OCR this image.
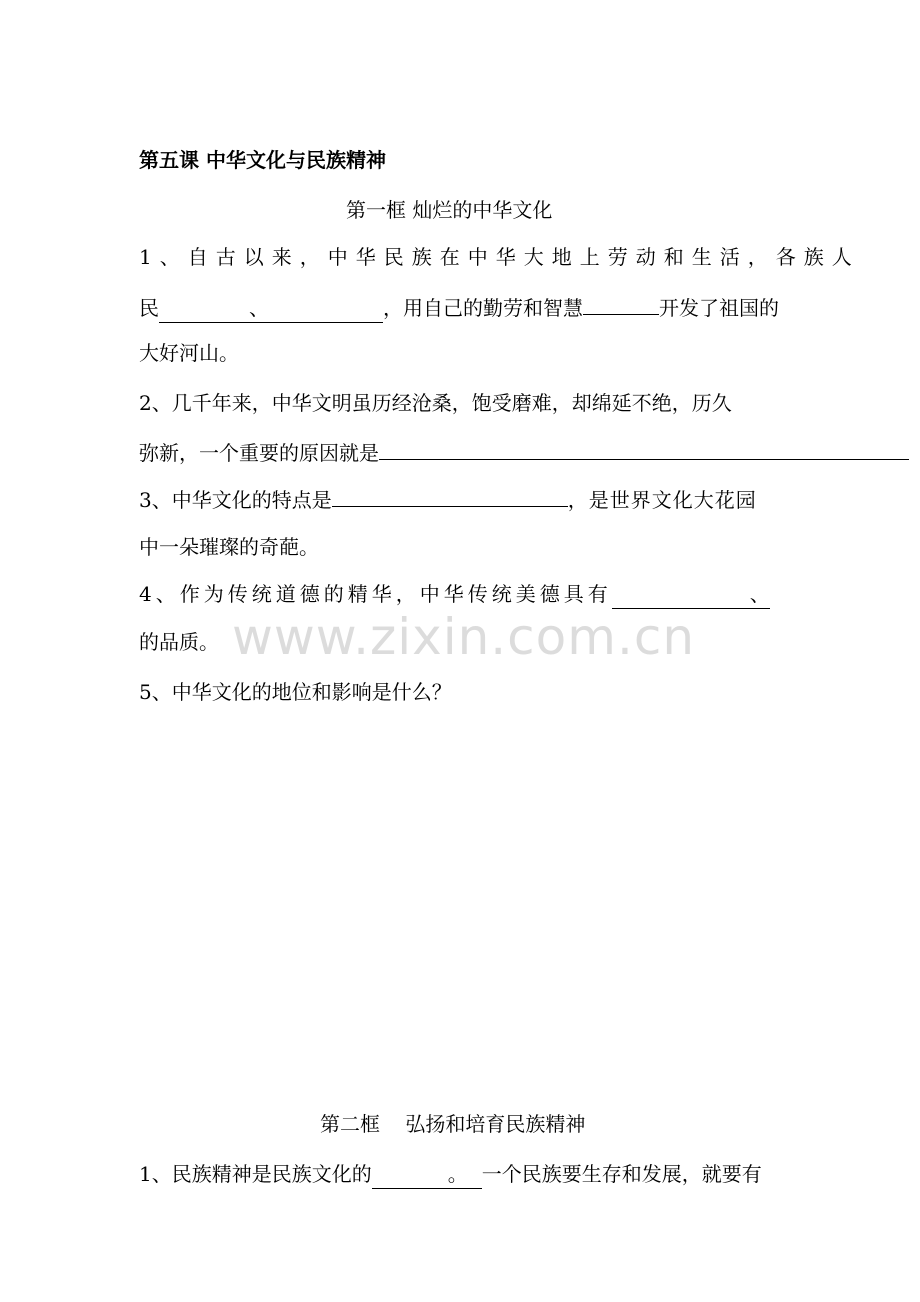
www.zixin.com.cn
第五课 中华文化与民族精神
第一框 灿烂的中华文化
1、自古以来，中华民族在中华大地上劳动和生活，各族人
民	、	，用自己的勤劳和智慧	开发了祖国的
大好河山。
2、几千年来，中华文明虽历经沧桑，饱受磨难，却绵延不绝，历久
弥新，一个重要的原因就是
3、中华文化的特点是	，是世界文化大花园
中一朵璀璨的奇葩。
4、作为传统道德的精华，中华传统美德具有	、
的品质。
5、中华文化的地位和影响是什么？
第二框    弘扬和培育民族精神
1、民族精神是民族文化的	。 一个民族要生存和发展，就要有
